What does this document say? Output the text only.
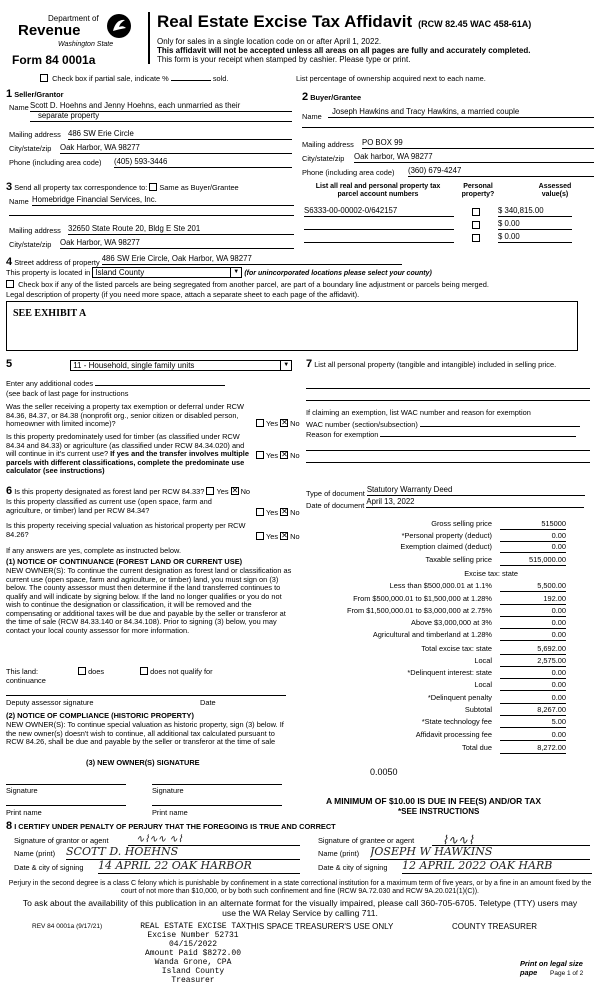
Department of
Revenue
Washington State
Form 84 0001a
Real Estate Excise Tax Affidavit (RCW 82.45 WAC 458-61A)
Only for sales in a single location code on or after April 1, 2022.
This affidavit will not be accepted unless all areas on all pages are fully and accurately completed.
This form is your receipt when stamped by cashier. Please type or print.
Check box if partial sale, indicate %	sold.	List percentage of ownership acquired next to each name.
1 Seller/Grantor
Name Scott D. Hoehns and Jenny Hoehns, each unmarried as their
separate property
Mailing address 486 SW Erie Circle
City/state/zip Oak Harbor, WA 98277
Phone (including area code) (405) 593-3446
2 Buyer/Grantee
Name
Joseph Hawkins and Tracy Hawkins, a married couple
Mailing address PO BOX 99
City/state/zip Oak harbor, WA 98277
Phone (including area code) (360) 679-4247
3 Send all property tax correspondence to: Same as Buyer/Grantee
Name Homebridge Financial Services, Inc.
Mailing address 32650 State Route 20, Bldg E Ste 201
City/state/zip Oak Harbor, WA 98277
List all real and personal property tax parcel account numbers
Personal property?
Assessed value(s)
S6333-00-00002-0/642157	$ 340,815.00
$ 0.00
$ 0.00
4 Street address of property 486 SW Erie Circle, Oak Harbor, WA 98277
This property is located in Island County	▼ (for unincorporated locations please select your county)
Check box if any of the listed parcels are being segregated from another parcel, are part of a boundary line adjustment or parcels being merged.
Legal description of property (if you need more space, attach a separate sheet to each page of the affidavit).
SEE EXHIBIT A
5	11 - Household, single family units	▼
Enter any additional codes
(see back of last page for instructions
Was the seller receiving a property tax exemption or deferral under RCW 84.36, 84.37, or 84.38 (nonprofit org., senior citizen or disabled person, homeowner with limited income)?	Yes ✕ No
Is this property predominately used for timber (as classified under RCW 84.34 and 84.33) or agriculture (as classified under RCW 84.34.020) and will continue in it's current use? If yes and the transfer involves multiple parcels with different classifications, complete the predominate use calculator (see instructions)
Yes ✕ No
7 List all personal property (tangible and intangible) included in selling price.
If claiming an exemption, list WAC number and reason for exemption
WAC number (section/subsection)
Reason for exemption
Type of document Statutory Warranty Deed
Date of document April 13, 2022
6 Is this property designated as forest land per RCW 84.33? Yes ✕ No
Is this property classified as current use (open space, farm and agriculture, or timber) land per RCW 84.34?	Yes ✕ No
Is this property receiving special valuation as historical property per RCW 84.26?	Yes ✕ No
If any answers are yes, complete as instructed below.
(1) NOTICE OF CONTINUANCE (FOREST LAND OR CURRENT USE)
NEW OWNER(S): To continue the current designation as forest land or classification as current use (open space, farm and agriculture, or timber) land, you must sign on (3) below. The county assessor must then determine if the land transferred continues to qualify and will indicate by signing below. If the land no longer qualifies or you do not wish to continue the designation or classification, it will be removed and the compensating or additional taxes will be due and payable by the seller or transferor at the time of sale (RCW 84.33.140 or 84.34.108). Prior to signing (3) below, you may contact your local county assessor for more information.
This land:	does	does not qualify for
continuance
Deputy assessor signature	Date
(2) NOTICE OF COMPLIANCE (HISTORIC PROPERTY)
NEW OWNER(S): To continue special valuation as historic property, sign (3) below. If the new owner(s) doesn't wish to continue, all additional tax calculated pursuant to RCW 84.26, shall be due and payable by the seller or transferor at the time of sale
(3) NEW OWNER(S) SIGNATURE
Signature	Signature
Print name	Print name
Gross selling price	515000
*Personal property (deduct)	0.00
Exemption claimed (deduct)	0.00
Taxable selling price	515,000.00
Excise tax: state
Less than $500,000.01 at 1.1%	5,500.00
From $500,000.01 to $1,500,000 at 1.28%	192.00
From $1,500,000.01 to $3,000,000 at 2.75%	0.00
Above $3,000,000 at 3%	0.00
Agricultural and timberland at 1.28%	0.00
Total excise tax: state	5,692.00
Local	2,575.00
*Delinquent interest: state	0.00
Local	0.00
*Delinquent penalty	0.00
Subtotal	8,267.00
*State technology fee	5.00
Affidavit processing fee	0.00
Total due	8,272.00
0.0050
A MINIMUM OF $10.00 IS DUE IN FEE(S) AND/OR TAX
*SEE INSTRUCTIONS
8 I CERTIFY UNDER PENALTY OF PERJURY THAT THE FOREGOING IS TRUE AND CORRECT
Signature of grantor or agent	∿⌇∿∿ ∿⌇
Name (print) SCOTT D. HOEHNS
Date & city of signing 14 APRIL 22 OAK HARBOR
Signature of grantee or agent	⌇∿∿⌇
Name (print) JOSEPH W HAWKINS
Date & city of signing 12 APRIL 2022 OAK HARB
Perjury in the second degree is a class C felony which is punishable by confinement in a state correctional institution for a maximum term of five years, or by a fine in an amount fixed by the court of not more than $10,000, or by both such confinement and fine (RCW 9A.72.030 and RCW 9A.20.021(1)(C)).
To ask about the availability of this publication in an alternate format for the visually impaired, please call 360-705-6705. Teletype (TTY) users may use the WA Relay Service by calling 711.
REV 84 0001a (9/17/21)	REAL ESTATE EXCISE TAX
Excise Number 52731
04/15/2022
Amount Paid $8272.00
Wanda Grone, CPA
Island County Treasurer
THIS SPACE TREASURER'S USE ONLY	COUNTY TREASURER
Print on legal size pape	Page 1 of 2
